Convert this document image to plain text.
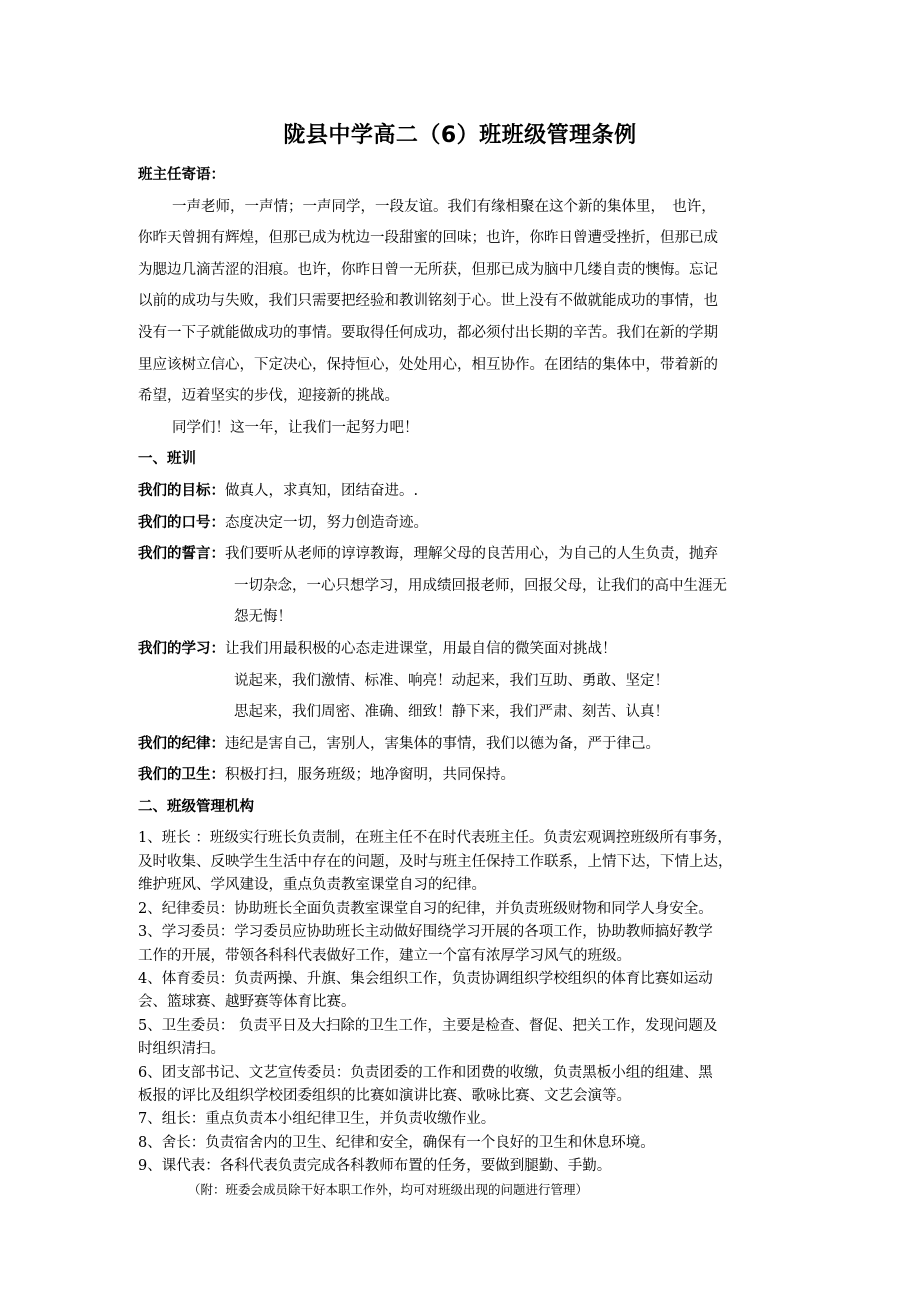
陇县中学高二（6）班班级管理条例
班主任寄语：
一声老师，一声情；一声同学，一段友谊。我们有缘相聚在这个新的集体里，　也许，
你昨天曾拥有辉煌，但那已成为枕边一段甜蜜的回味；也许，你昨日曾遭受挫折，但那已成
为腮边几滴苦涩的泪痕。也许，你昨日曾一无所获，但那已成为脑中几缕自责的懊悔。忘记
以前的成功与失败，我们只需要把经验和教训铭刻于心。世上没有不做就能成功的事情，也
没有一下子就能做成功的事情。要取得任何成功，都必须付出长期的辛苦。我们在新的学期
里应该树立信心，下定决心，保持恒心，处处用心，相互协作。在团结的集体中，带着新的
希望，迈着坚实的步伐，迎接新的挑战。
同学们！这一年，让我们一起努力吧！
一、班训
我们的目标：做真人，求真知，团结奋进。.
我们的口号：态度决定一切，努力创造奇迹。
我们的誓言：我们要听从老师的谆谆教诲，理解父母的良苦用心，为自己的人生负责，抛弃
一切杂念，一心只想学习，用成绩回报老师，回报父母，让我们的高中生涯无
怨无悔！
我们的学习：让我们用最积极的心态走进课堂，用最自信的微笑面对挑战！
说起来，我们激情、标准、响亮！动起来，我们互助、勇敢、坚定！
思起来，我们周密、准确、细致！静下来，我们严肃、刻苦、认真！
我们的纪律：违纪是害自己，害别人，害集体的事情，我们以德为备，严于律己。
我们的卫生：积极打扫，服务班级；地净窗明，共同保持。
二、班级管理机构
1、班长 ：班级实行班长负责制，在班主任不在时代表班主任。负责宏观调控班级所有事务，
及时收集、反映学生生活中存在的问题，及时与班主任保持工作联系，上情下达，下情上达，
维护班风、学风建设，重点负责教室课堂自习的纪律。
2、纪律委员：协助班长全面负责教室课堂自习的纪律，并负责班级财物和同学人身安全。
3、学习委员：学习委员应协助班长主动做好围绕学习开展的各项工作，协助教师搞好教学
工作的开展，带领各科科代表做好工作，建立一个富有浓厚学习风气的班级。
4、体育委员：负责两操、升旗、集会组织工作，负责协调组织学校组织的体育比赛如运动
会、篮球赛、越野赛等体育比赛。
5、卫生委员： 负责平日及大扫除的卫生工作，主要是检查、督促、把关工作，发现问题及
时组织清扫。
6、团支部书记、文艺宣传委员：负责团委的工作和团费的收缴，负责黑板小组的组建、黑
板报的评比及组织学校团委组织的比赛如演讲比赛、歌咏比赛、文艺会演等。
7、组长：重点负责本小组纪律卫生，并负责收缴作业。
8、舍长：负责宿舍内的卫生、纪律和安全，确保有一个良好的卫生和休息环境。
9、课代表：各科代表负责完成各科教师布置的任务，要做到腿勤、手勤。
（附：班委会成员除干好本职工作外，均可对班级出现的问题进行管理）
